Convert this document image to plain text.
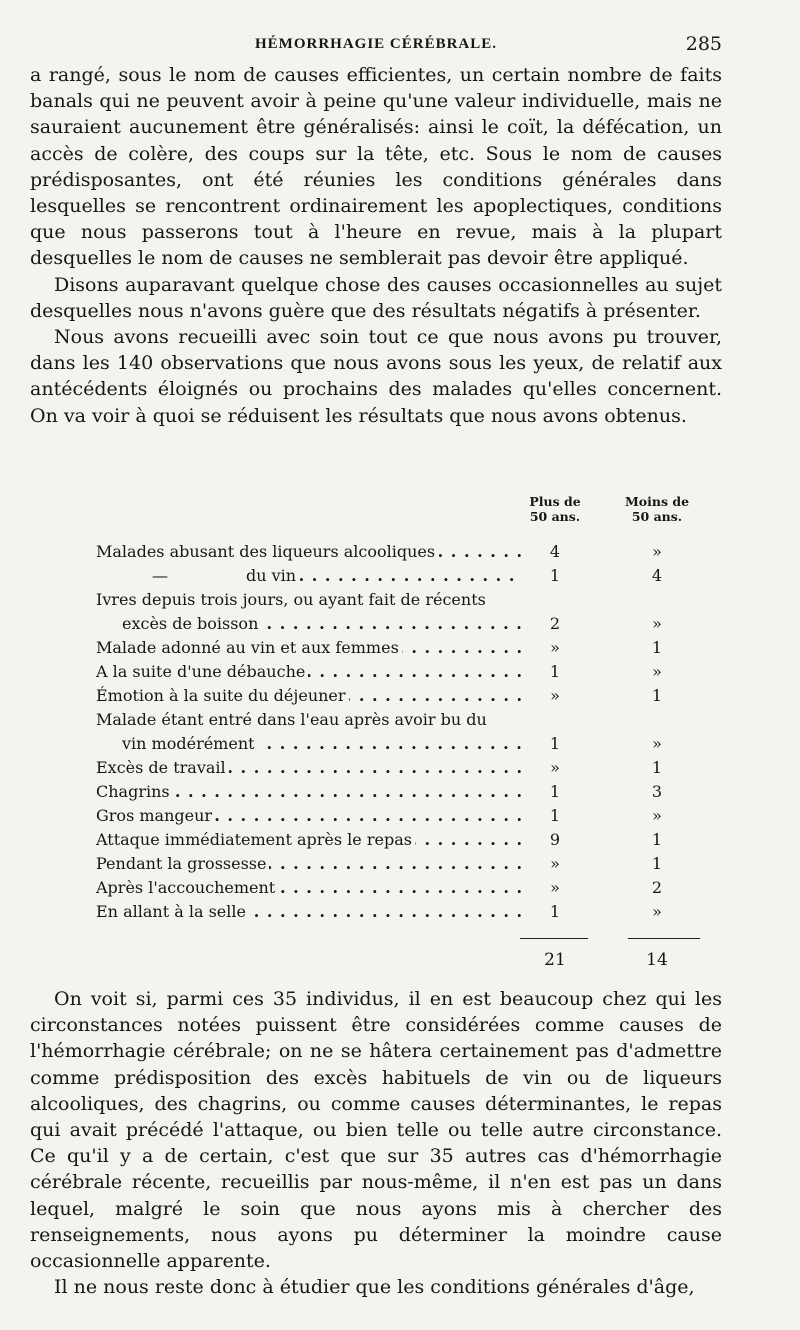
HÉMORRHAGIE CÉRÉBRALE.	285

a rangé, sous le nom de causes efficientes, un certain nombre de faits banals qui ne peuvent avoir à peine qu'une valeur individuelle, mais ne sauraient aucunement être généralisés: ainsi le coït, la défécation, un accès de colère, des coups sur la tête, etc. Sous le nom de causes prédisposantes, ont été réunies les conditions générales dans lesquelles se rencontrent ordinairement les apoplectiques, conditions que nous passerons tout à l'heure en revue, mais à la plupart desquelles le nom de causes ne semblerait pas devoir être appliqué.

Disons auparavant quelque chose des causes occasionnelles au sujet desquelles nous n'avons guère que des résultats négatifs à présenter.

Nous avons recueilli avec soin tout ce que nous avons pu trouver, dans les 140 observations que nous avons sous les yeux, de relatif aux antécédents éloignés ou prochains des malades qu'elles concernent. On va voir à quoi se réduisent les résultats que nous avons obtenus.

Plus de 50 ans.
Moins de 50 ans.
Malades abusant des liqueurs alcooliques . . .	4	»
—	du vin . . .	1	4
Ivres depuis trois jours, ou ayant fait de récents
excès de boisson . . .	2	»
Malade adonné au vin et aux femmes . . .	»	1
A la suite d'une débauche . . .	1	»
Émotion à la suite du déjeuner . . .	»	1
Malade étant entré dans l'eau après avoir bu du
vin modérément . . .	1	»
Excès de travail . . .	»	1
Chagrins . . .	1	3
Gros mangeur . . .	1	»
Attaque immédiatement après le repas . . .	9	1
Pendant la grossesse . . .	»	1
Après l'accouchement . . .	»	2
En allant à la selle . . .	1	»
21	14

On voit si, parmi ces 35 individus, il en est beaucoup chez qui les circonstances notées puissent être considérées comme causes de l'hémorrhagie cérébrale; on ne se hâtera certainement pas d'admettre comme prédisposition des excès habituels de vin ou de liqueurs alcooliques, des chagrins, ou comme causes déterminantes, le repas qui avait précédé l'attaque, ou bien telle ou telle autre circonstance. Ce qu'il y a de certain, c'est que sur 35 autres cas d'hémorrhagie cérébrale récente, recueillis par nous-même, il n'en est pas un dans lequel, malgré le soin que nous ayons mis à chercher des renseignements, nous ayons pu déterminer la moindre cause occasionnelle apparente.

Il ne nous reste donc à étudier que les conditions générales d'âge,
